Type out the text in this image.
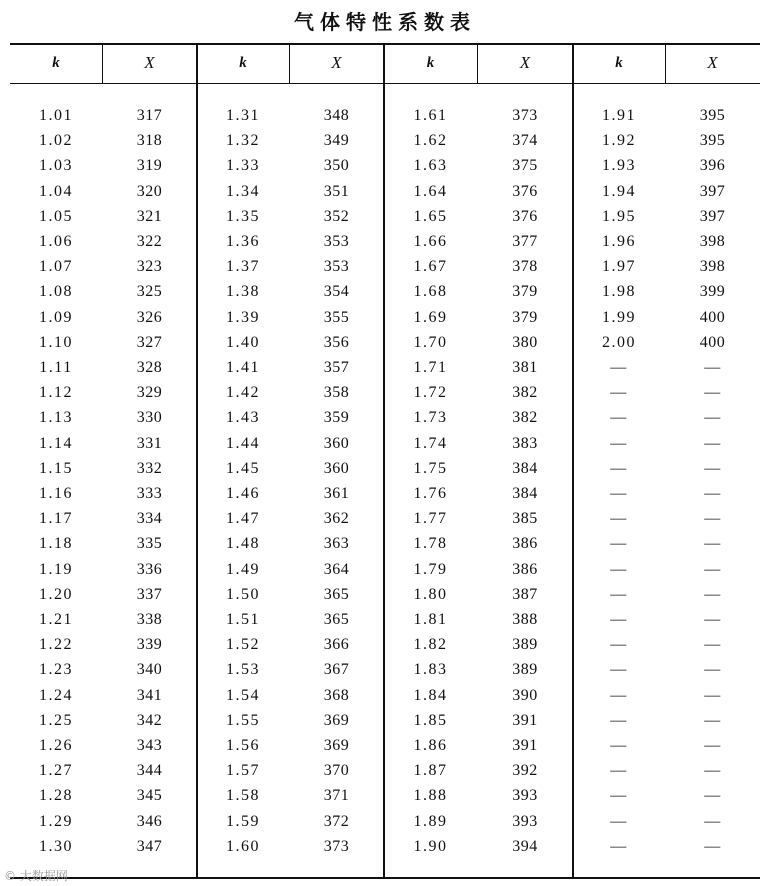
气体特性系数表
k	X	k	X	k	X	k	X
1.01	317	1.31	348	1.61	373	1.91	395
1.02	318	1.32	349	1.62	374	1.92	395
1.03	319	1.33	350	1.63	375	1.93	396
1.04	320	1.34	351	1.64	376	1.94	397
1.05	321	1.35	352	1.65	376	1.95	397
1.06	322	1.36	353	1.66	377	1.96	398
1.07	323	1.37	353	1.67	378	1.97	398
1.08	325	1.38	354	1.68	379	1.98	399
1.09	326	1.39	355	1.69	379	1.99	400
1.10	327	1.40	356	1.70	380	2.00	400
1.11	328	1.41	357	1.71	381	—	—
1.12	329	1.42	358	1.72	382	—	—
1.13	330	1.43	359	1.73	382	—	—
1.14	331	1.44	360	1.74	383	—	—
1.15	332	1.45	360	1.75	384	—	—
1.16	333	1.46	361	1.76	384	—	—
1.17	334	1.47	362	1.77	385	—	—
1.18	335	1.48	363	1.78	386	—	—
1.19	336	1.49	364	1.79	386	—	—
1.20	337	1.50	365	1.80	387	—	—
1.21	338	1.51	365	1.81	388	—	—
1.22	339	1.52	366	1.82	389	—	—
1.23	340	1.53	367	1.83	389	—	—
1.24	341	1.54	368	1.84	390	—	—
1.25	342	1.55	369	1.85	391	—	—
1.26	343	1.56	369	1.86	391	—	—
1.27	344	1.57	370	1.87	392	—	—
1.28	345	1.58	371	1.88	393	—	—
1.29	346	1.59	372	1.89	393	—	—
1.30	347	1.60	373	1.90	394	—	—
© 大数据网
